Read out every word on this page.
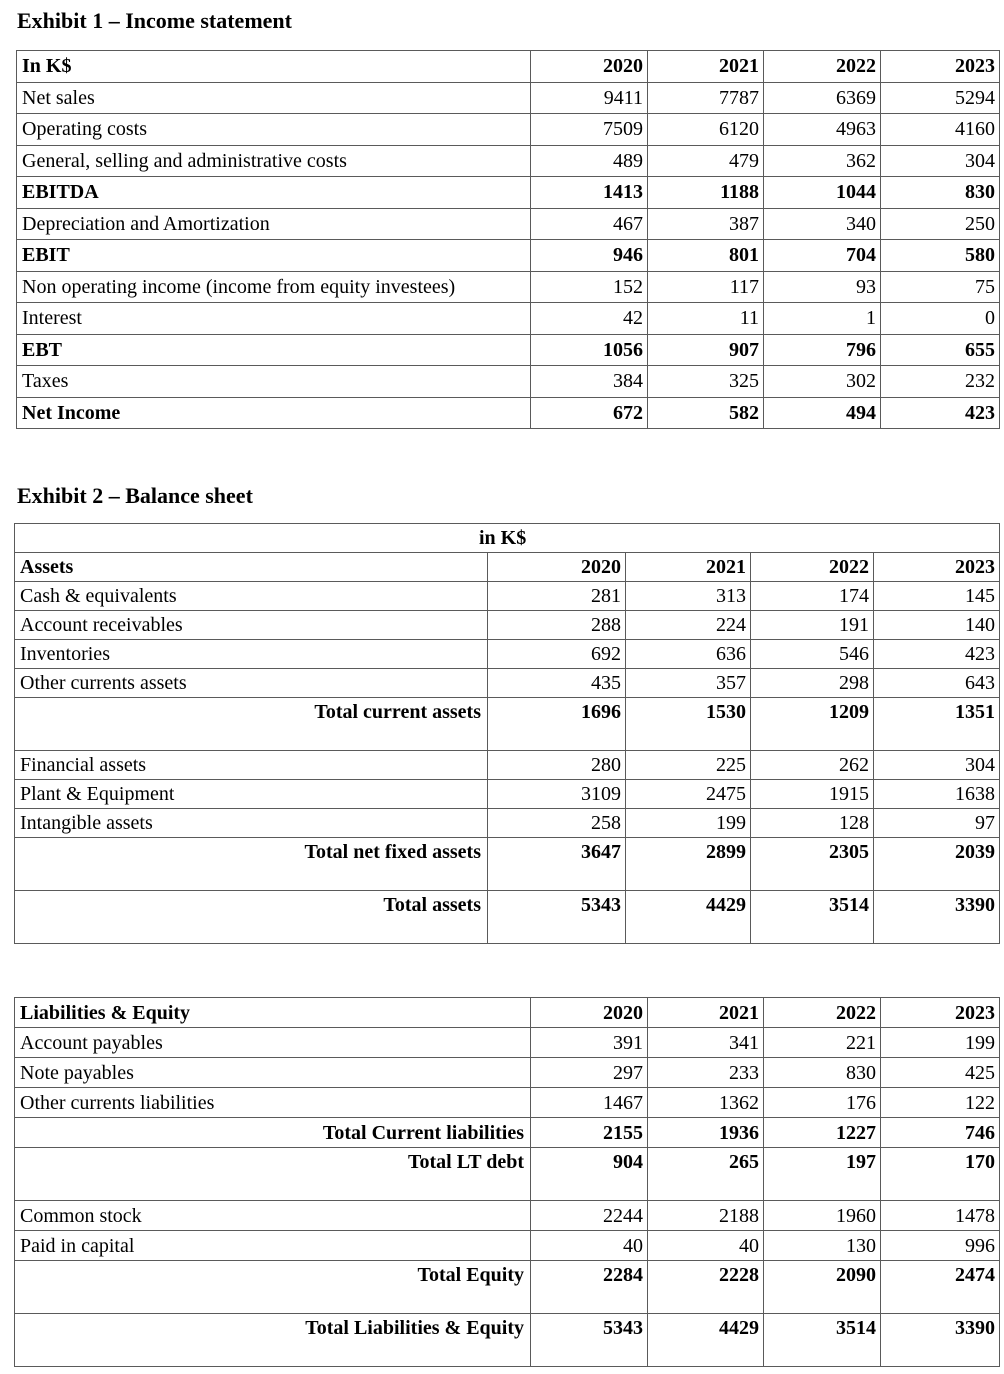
Exhibit 1 – Income statement
In K$	2020	2021	2022	2023
Net sales	9411	7787	6369	5294
Operating costs	7509	6120	4963	4160
General, selling and administrative costs	489	479	362	304
EBITDA	1413	1188	1044	830
Depreciation and Amortization	467	387	340	250
EBIT	946	801	704	580
Non operating income (income from equity investees)	152	117	93	75
Interest	42	11	1	0
EBT	1056	907	796	655
Taxes	384	325	302	232
Net Income	672	582	494	423
Exhibit 2 – Balance sheet
in K$				
Assets	2020	2021	2022	2023
Cash & equivalents	281	313	174	145
Account receivables	288	224	191	140
Inventories	692	636	546	423
Other currents assets	435	357	298	643
Total current assets	1696	1530	1209	1351
Financial assets	280	225	262	304
Plant & Equipment	3109	2475	1915	1638
Intangible assets	258	199	128	97
Total net fixed assets	3647	2899	2305	2039
Total assets	5343	4429	3514	3390
Liabilities & Equity	2020	2021	2022	2023
Account payables	391	341	221	199
Note payables	297	233	830	425
Other currents liabilities	1467	1362	176	122
Total Current liabilities	2155	1936	1227	746
Total LT debt	904	265	197	170
Common stock	2244	2188	1960	1478
Paid in capital	40	40	130	996
Total Equity	2284	2228	2090	2474
Total Liabilities & Equity	5343	4429	3514	3390
